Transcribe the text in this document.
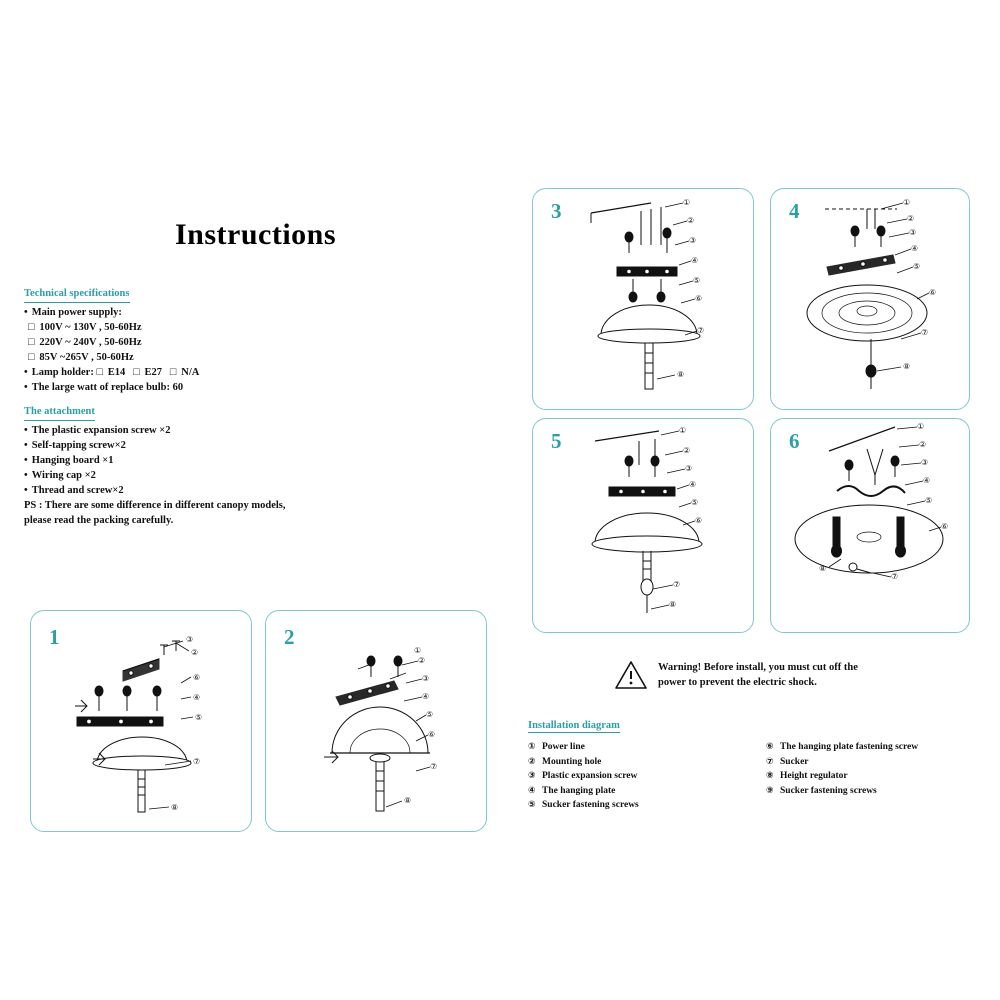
Instructions
Technical specifications
• Main power supply:
□ 100V ~ 130V , 50-60Hz
□ 220V ~ 240V , 50-60Hz
□ 85V ~265V , 50-60Hz
• Lamp holder: □ E14 □ E27 □ N/A
• The large watt of replace bulb: 60
The attachment
• The plastic expansion screw ×2
• Self-tapping screw×2
• Hanging board ×1
• Wiring cap ×2
• Thread and screw×2
PS : There are some difference in different canopy models,
please read the packing carefully.
1	③
②
⑥
④
⑤
⑦
⑧
2
①
②
③
④
⑤
⑥
⑦
⑧
3	①
②
③
④
⑤
⑥
⑦
⑧
4	①
②
③
④
⑤
⑥
⑦
⑧
5	①
②
③
④
⑤
⑥
⑦
⑧
6
①
②
③
④
⑤
⑥
⑦
⑧
Warning! Before install, you must cut off the
power to prevent the electric shock.
Installation diagram
① Power line
② Mounting hole
③ Plastic expansion screw
④ The hanging plate
⑤ Sucker fastening screws
⑥ The hanging plate fastening screw
⑦ Sucker
⑧ Height regulator
⑨ Sucker fastening screws
